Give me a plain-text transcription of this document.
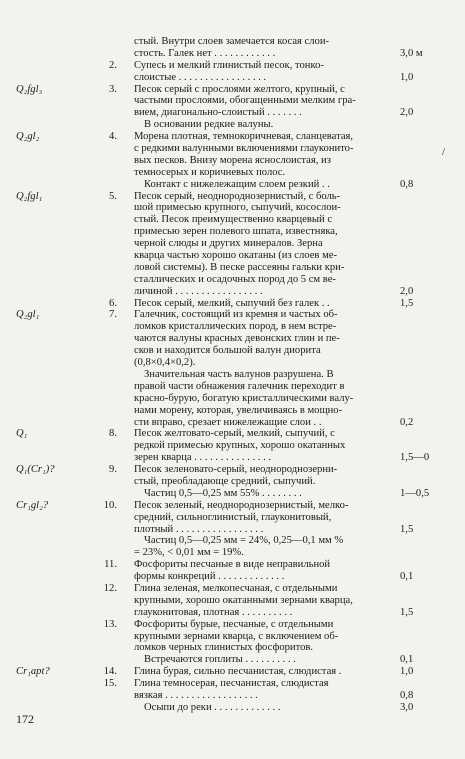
стый. Внутри слоев замечается косая слои-
стость. Галек нет . . . . . . . . . . . .	3,0 м
2. Супесь и мелкий глинистый песок, тонко-
слоистые . . . . . . . . . . . . . . . . .	1,0
Q₂fgl₃	3. Песок серый с прослоями желтого, крупный, с
частыми прослоями, обогащенными мелким гра-
вием, диагонально-слоистый . . . . . . .	2,0
В основании редкие валуны.
Q₂gl₂	4. Морена плотная, темнокоричневая, сланцеватая,
с редкими валунными включениями глауконито-
вых песков. Внизу морена яснослоистая, из
темносерых и коричневых полос.
Контакт с нижележащим слоем резкий . .	0,8
Q₂fgl₁	5. Песок серый, неоднороднозернистый, с боль-
шой примесью крупного, сыпучий, косослои-
стый. Песок преимущественно кварцевый с
примесью зерен полевого шпата, известняка,
черной слюды и других минералов. Зерна
кварца частью хорошо окатаны (из слоев ме-
ловой системы). В песке рассеяны гальки кри-
сталлических и осадочных пород до 5 см ве-
личиной . . . . . . . . . . . . . . . . .	2,0
6. Песок серый, мелкий, сыпучий без галек . .	1,5
Q₂gl₁	7. Галечник, состоящий из кремня и частых об-
ломков кристаллических пород, в нем встре-
чаются валуны красных девонских глин и пе-
сков и находится большой валун диорита
(0,8×0,4×0,2).
Значительная часть валунов разрушена. В
правой части обнажения галечник переходит в
красно-бурую, богатую кристаллическими валу-
нами морену, которая, увеличиваясь в мощно-
сти вправо, срезает нижележащие слои . .	0,2
Q₁	8. Песок желтовато-серый, мелкий, сыпучий, с
редкой примесью крупных, хорошо окатанных
зерен кварца . . . . . . . . . . . . . . .	1,5—0
Q₁(Cr₁)?	9. Песок зеленовато-серый, неоднороднозерни-
стый, преобладающе средний, сыпучий.
Частиц 0,5—0,25 мм 55% . . . . . . . .	1—0,5
Cr₁gl₂?	10. Песок зеленый, неоднороднозернистый, мелко-
средний, сильноглинистый, глауконитовый,
плотный . . . . . . . . . . . . . . . . .	1,5
Частиц 0,5—0,25 мм = 24%, 0,25—0,1 мм %
= 23%, < 0,01 мм = 19%.
11. Фосфориты песчаные в виде неправильной
формы конкреций . . . . . . . . . . . . .	0,1
12. Глина зеленая, мелкопесчаная, с отдельными
крупными, хорошо окатанными зернами кварца,
глауконитовая, плотная . . . . . . . . . .	1,5
13. Фосфориты бурые, песчаные, с отдельными
крупными зернами кварца, с включением об-
ломков черных глинистых фосфоритов.
Встречаются гоплиты . . . . . . . . . .	0,1
Cr₁apt?	14. Глина бурая, сильно песчанистая, слюдистая .	1,0
15. Глина темносерая, песчанистая, слюдистая
вязкая . . . . . . . . . . . . . . . . . .	0,8
Осыпи до реки . . . . . . . . . . . . .	3,0
/
172
